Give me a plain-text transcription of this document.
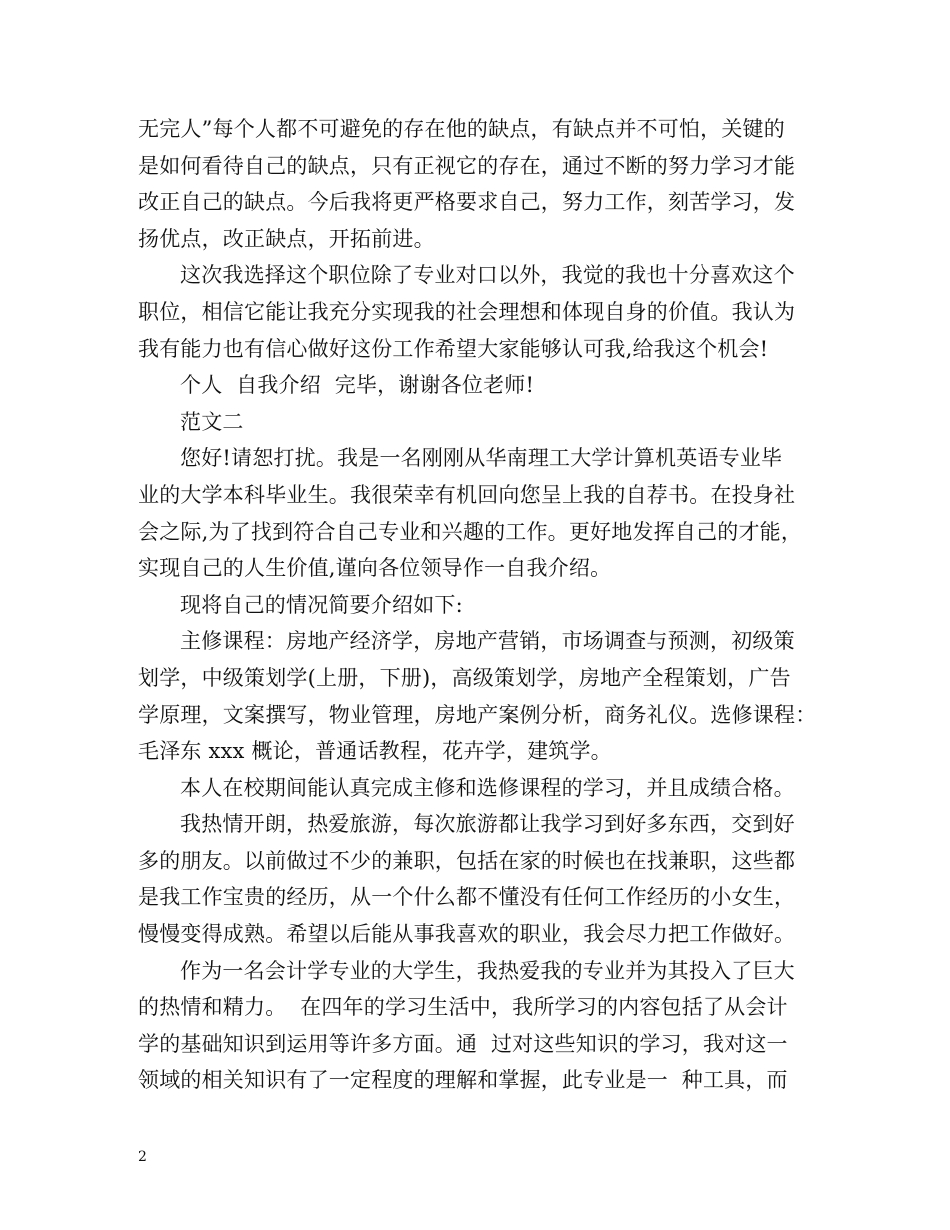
无完人”每个人都不可避免的存在他的缺点，有缺点并不可怕，关键的
是如何看待自己的缺点，只有正视它的存在，通过不断的努力学习才能
改正自己的缺点。今后我将更严格要求自己，努力工作，刻苦学习，发
扬优点，改正缺点，开拓前进。
这次我选择这个职位除了专业对口以外，我觉的我也十分喜欢这个
职位，相信它能让我充分实现我的社会理想和体现自身的价值。我认为
我有能力也有信心做好这份工作希望大家能够认可我,给我这个机会!
个人  自我介绍  完毕，谢谢各位老师!
范文二
您好!请恕打扰。我是一名刚刚从华南理工大学计算机英语专业毕
业的大学本科毕业生。我很荣幸有机回向您呈上我的自荐书。在投身社
会之际,为了找到符合自己专业和兴趣的工作。更好地发挥自己的才能，
实现自己的人生价值,谨向各位领导作一自我介绍。
现将自己的情况简要介绍如下:
主修课程：房地产经济学，房地产营销，市场调查与预测，初级策
划学，中级策划学(上册，下册)，高级策划学，房地产全程策划，广告
学原理，文案撰写，物业管理，房地产案例分析，商务礼仪。选修课程：
毛泽东 xxx 概论，普通话教程，花卉学，建筑学。
本人在校期间能认真完成主修和选修课程的学习，并且成绩合格。
我热情开朗，热爱旅游，每次旅游都让我学习到好多东西，交到好
多的朋友。以前做过不少的兼职，包括在家的时候也在找兼职，这些都
是我工作宝贵的经历，从一个什么都不懂没有任何工作经历的小女生，
慢慢变得成熟。希望以后能从事我喜欢的职业，我会尽力把工作做好。
作为一名会计学专业的大学生，我热爱我的专业并为其投入了巨大
的热情和精力。  在四年的学习生活中，我所学习的内容包括了从会计
学的基础知识到运用等许多方面。通  过对这些知识的学习，我对这一
领域的相关知识有了一定程度的理解和掌握，此专业是一  种工具，而
2
